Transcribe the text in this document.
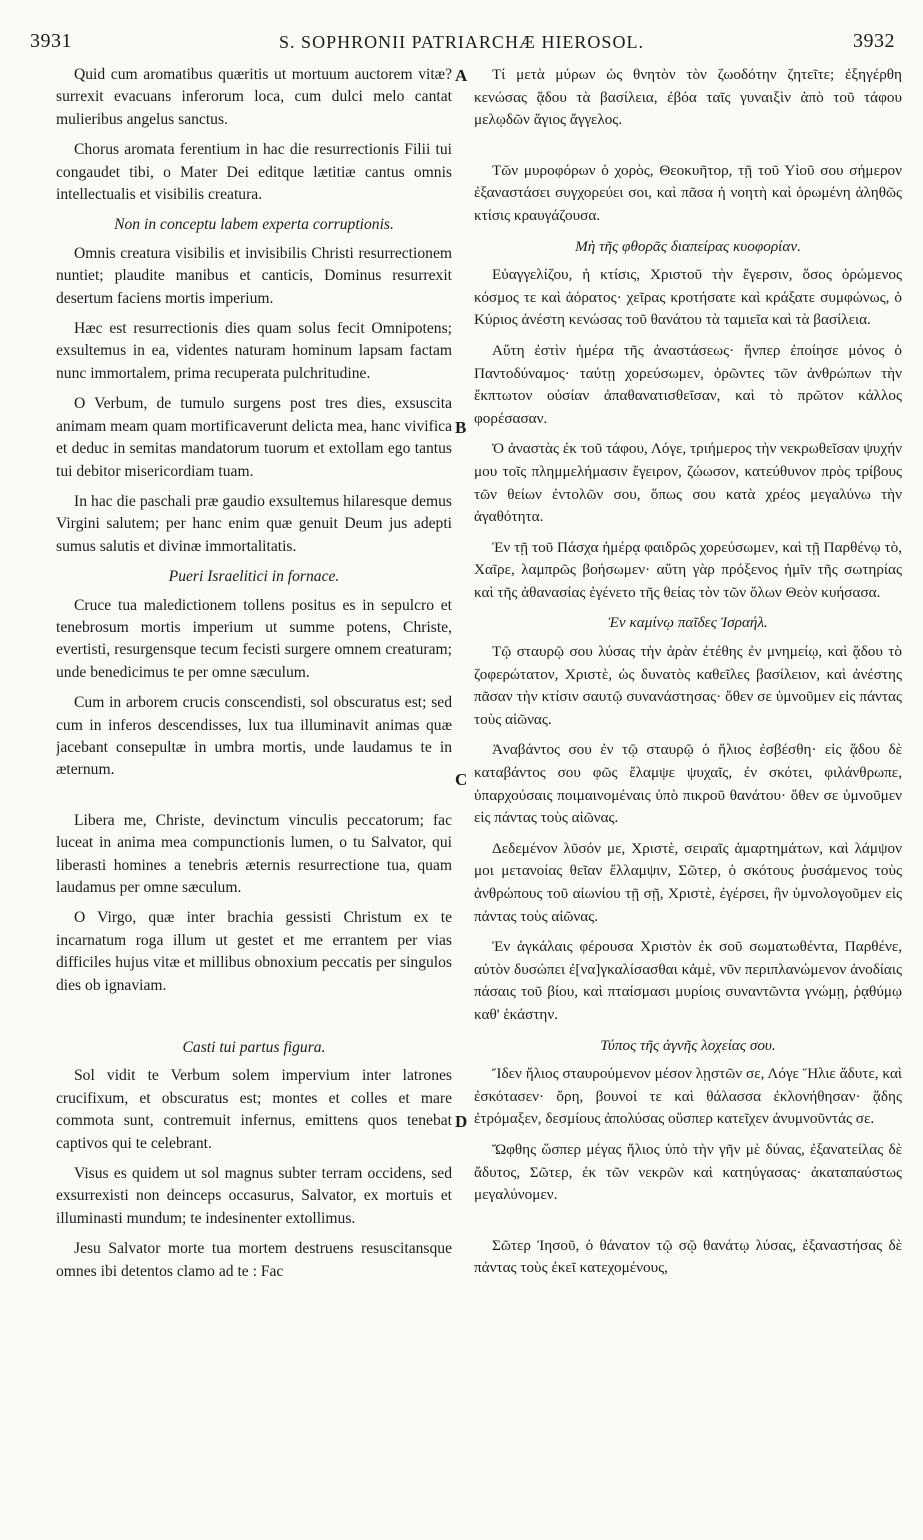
3931	S. SOPHRONII PATRIARCHÆ HIEROSOL.	3932

Quid cum aromatibus quæritis ut mortuum auctorem vitæ? surrexit evacuans inferorum loca, cum dulci melo cantat mulieribus angelus sanctus.

Chorus aromata ferentium in hac die resurrectionis Filii tui congaudet tibi, o Mater Dei editque lætitiæ cantus omnis intellectualis et visibilis creatura.

Non in conceptu labem experta corruptionis.

Omnis creatura visibilis et invisibilis Christi resurrectionem nuntiet; plaudite manibus et canticis, Dominus resurrexit desertum faciens mortis imperium.

Hæc est resurrectionis dies quam solus fecit Omnipotens; exsultemus in ea, videntes naturam hominum lapsam factam nunc immortalem, prima recuperata pulchritudine.

O Verbum, de tumulo surgens post tres dies, exsuscita animam meam quam mortificaverunt delicta mea, hanc vivifica et deduc in semitas mandatorum tuorum et extollam ego tantus tui debitor misericordiam tuam.

In hac die paschali præ gaudio exsultemus hilaresque demus Virgini salutem; per hanc enim quæ genuit Deum jus adepti sumus salutis et divinæ immortalitatis.

Pueri Israelitici in fornace.

Cruce tua maledictionem tollens positus es in sepulcro et tenebrosum mortis imperium ut summe potens, Christe, evertisti, resurgensque tecum fecisti surgere omnem creaturam; unde benedicimus te per omne sæculum.

Cum in arborem crucis conscendisti, sol obscuratus est; sed cum in inferos descendisses, lux tua illuminavit animas quæ jacebant consepultæ in umbra mortis, unde laudamus te in æternum.

Libera me, Christe, devinctum vinculis peccatorum; fac luceat in anima mea compunctionis lumen, o tu Salvator, qui liberasti homines a tenebris æternis resurrectione tua, quam laudamus per omne sæculum.

O Virgo, quæ inter brachia gessisti Christum ex te incarnatum roga illum ut gestet et me errantem per vias difficiles hujus vitæ et millibus obnoxium peccatis per singulos dies ob ignaviam.

Casti tui partus figura.

Sol vidit te Verbum solem impervium inter latrones crucifixum, et obscuratus est; montes et colles et mare commota sunt, contremuit infernus, emittens quos tenebat captivos qui te celebrant.

Visus es quidem ut sol magnus subter terram occidens, sed exsurrexisti non deinceps occasurus, Salvator, ex mortuis et illuminasti mundum; te indesinenter extollimus.

Jesu Salvator morte tua mortem destruens resuscitansque omnes ibi detentos clamo ad te : Fac

A
B
C
D

Τί μετὰ μύρων ὡς θνητὸν τὸν ζωοδότην ζητεῖτε; ἐξηγέρθη κενώσας ᾅδου τὰ βασίλεια, ἐβόα ταῖς γυναιξὶν ἀπὸ τοῦ τάφου μελῳδῶν ἅγιος ἄγγελος.

Τῶν μυροφόρων ὁ χορὸς, Θεοκυῆτορ, τῇ τοῦ Υἱοῦ σου σήμερον ἐξαναστάσει συγχορεύει σοι, καὶ πᾶσα ἡ νοητὴ καὶ ὁρωμένη ἀληθῶς κτίσις κραυγάζουσα.

Μὴ τῆς φθορᾶς διαπείρας κυοφορίαν.

Εὐαγγελίζου, ἡ κτίσις, Χριστοῦ τὴν ἔγερσιν, ὅσος ὁρώμενος κόσμος τε καὶ ἀόρατος· χεῖρας κροτήσατε καὶ κράξατε συμφώνως, ὁ Κύριος ἀνέστη κενώσας τοῦ θανάτου τὰ ταμιεῖα καὶ τὰ βασίλεια.

Αὕτη ἐστὶν ἡμέρα τῆς ἀναστάσεως· ἥνπερ ἐποίησε μόνος ὁ Παντοδύναμος· ταύτῃ χορεύσωμεν, ὁρῶντες τῶν ἀνθρώπων τὴν ἔκπτωτον οὐσίαν ἀπαθανατισθεῖσαν, καὶ τὸ πρῶτον κάλλος φορέσασαν.

Ὁ ἀναστὰς ἐκ τοῦ τάφου, Λόγε, τριήμερος τὴν νεκρωθεῖσαν ψυχήν μου τοῖς πλημμελήμασιν ἔγειρον, ζώωσον, κατεύθυνον πρὸς τρίβους τῶν θείων ἐντολῶν σου, ὅπως σου κατὰ χρέος μεγαλύνω τὴν ἀγαθότητα.

Ἐν τῇ τοῦ Πάσχα ἡμέρᾳ φαιδρῶς χορεύσωμεν, καὶ τῇ Παρθένῳ τὸ, Χαῖρε, λαμπρῶς βοήσωμεν· αὕτη γὰρ πρόξενος ἡμῖν τῆς σωτηρίας καὶ τῆς ἀθανασίας ἐγένετο τῆς θείας τὸν τῶν ὅλων Θεὸν κυήσασα.

Ἐν καμίνῳ παῖδες Ἰσραήλ.

Τῷ σταυρῷ σου λύσας τὴν ἀρὰν ἐτέθης ἐν μνημείῳ, καὶ ᾅδου τὸ ζοφερώτατον, Χριστὲ, ὡς δυνατὸς καθεῖλες βασίλειον, καὶ ἀνέστης πᾶσαν τὴν κτίσιν σαυτῷ συνανάστησας· ὅθεν σε ὑμνοῦμεν εἰς πάντας τοὺς αἰῶνας.

Ἀναβάντος σου ἐν τῷ σταυρῷ ὁ ἥλιος ἐσβέσθη· εἰς ᾅδου δὲ καταβάντος σου φῶς ἔλαμψε ψυχαῖς, ἐν σκότει, φιλάνθρωπε, ὑπαρχούσαις ποιμαινομέναις ὑπὸ πικροῦ θανάτου· ὅθεν σε ὑμνοῦμεν εἰς πάντας τοὺς αἰῶνας.

Δεδεμένον λῦσόν με, Χριστὲ, σειραῖς ἁμαρτημάτων, καὶ λάμψον μοι μετανοίας θεῖαν ἔλλαμψιν, Σῶτερ, ὁ σκότους ῥυσάμενος τοὺς ἀνθρώπους τοῦ αἰωνίου τῇ σῇ, Χριστὲ, ἐγέρσει, ἣν ὑμνολογοῦμεν εἰς πάντας τοὺς αἰῶνας.

Ἐν ἀγκάλαις φέρουσα Χριστὸν ἐκ σοῦ σωματωθέντα, Παρθένε, αὐτὸν δυσώπει ἐ[να]γκαλίσασθαι κἀμὲ, νῦν περιπλανώμενον ἀνοδίαις πάσαις τοῦ βίου, καὶ πταίσμασι μυρίοις συναντῶντα γνώμῃ, ῥᾳθύμῳ καθ' ἑκάστην.

Τύπος τῆς ἁγνῆς λοχείας σου.

Ἴδεν ἥλιος σταυρούμενον μέσον λῃστῶν σε, Λόγε Ἥλιε ἄδυτε, καὶ ἐσκότασεν· ὄρη, βουνοί τε καὶ θάλασσα ἐκλονήθησαν· ᾅδης ἐτρόμαξεν, δεσμίους ἀπολύσας οὕσπερ κατεῖχεν ἀνυμνοῦντάς σε.

Ὤφθης ὥσπερ μέγας ἥλιος ὑπὸ τὴν γῆν μὲ δύνας, ἐξανατείλας δὲ ἄδυτος, Σῶτερ, ἐκ τῶν νεκρῶν καὶ κατηύγασας· ἀκαταπαύστως μεγαλύνομεν.

Σῶτερ Ἰησοῦ, ὁ θάνατον τῷ σῷ θανάτῳ λύσας, ἐξαναστήσας δὲ πάντας τοὺς ἐκεῖ κατεχομένους,
